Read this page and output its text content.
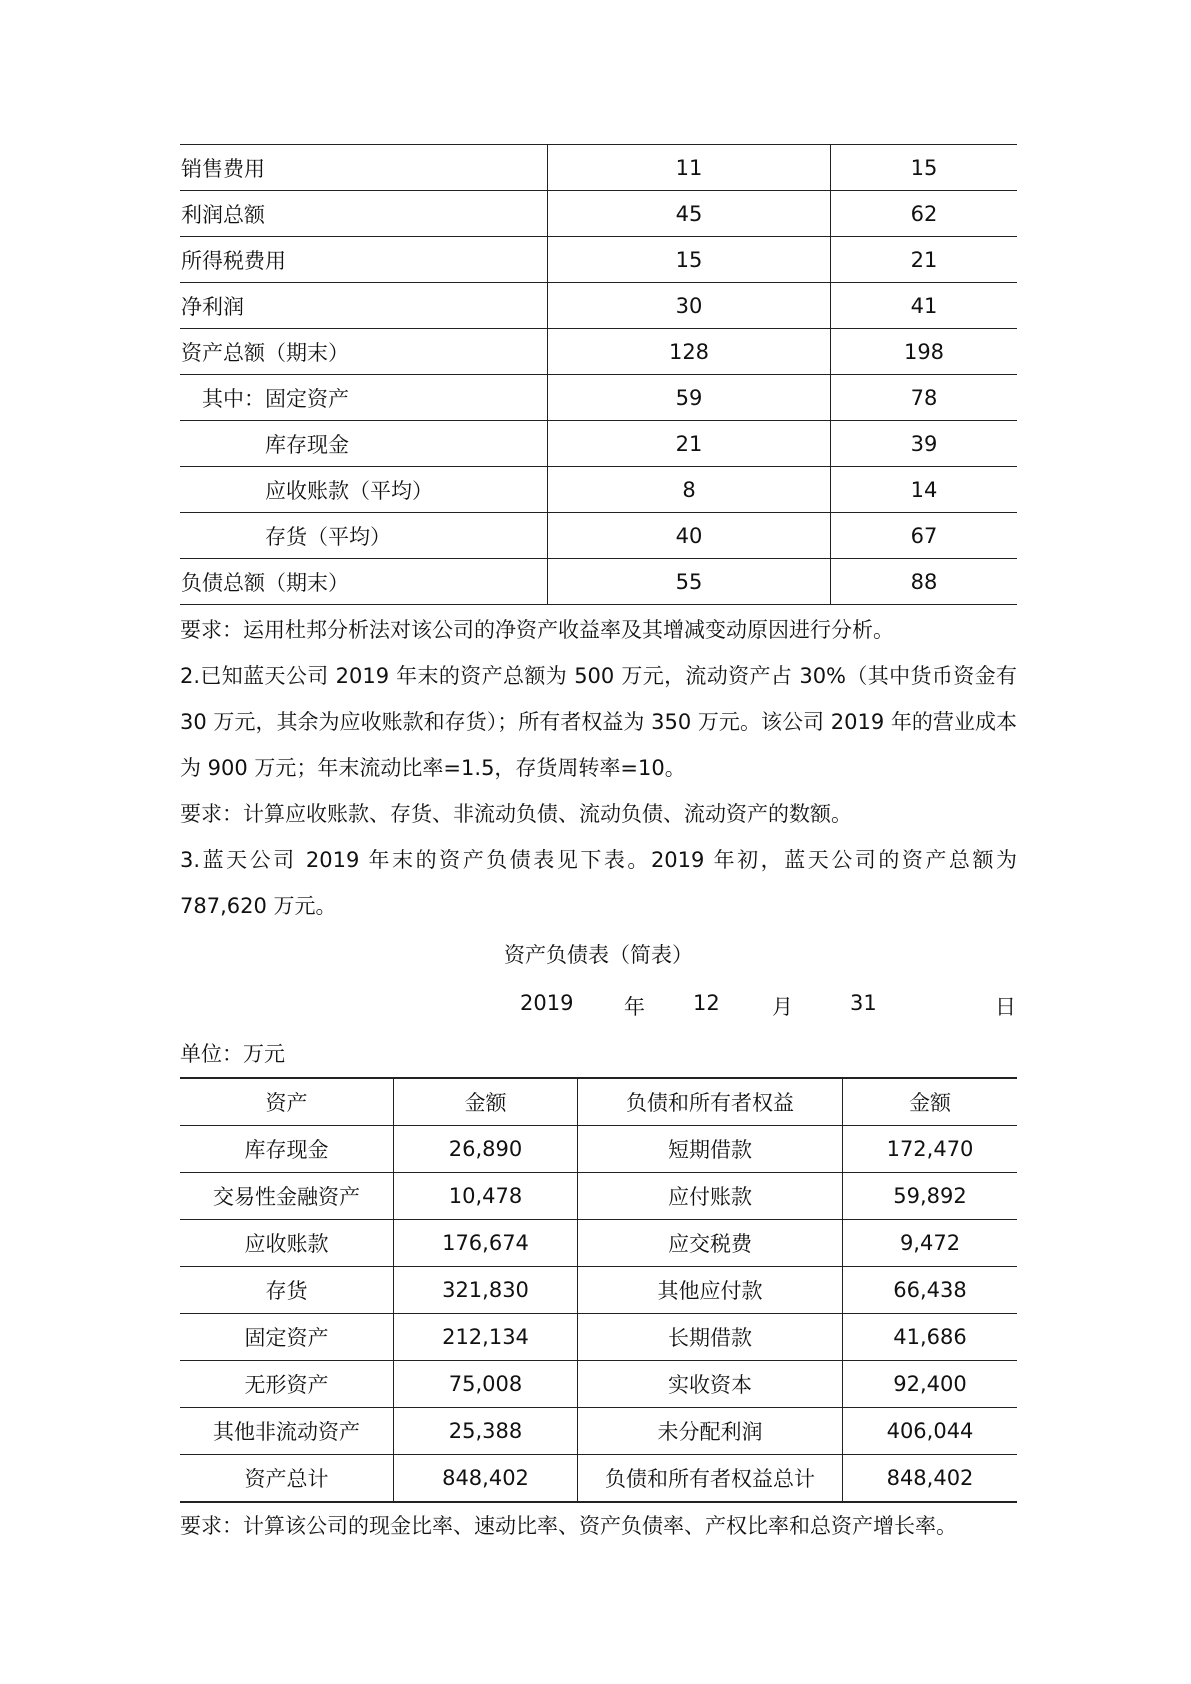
销售费用	11	15
利润总额	45	62
所得税费用	15	21
净利润	30	41
资产总额（期末）	128	198
其中：固定资产	59	78
库存现金	21	39
应收账款（平均）	8	14
存货（平均）	40	67
负债总额（期末）	55	88

要求：运用杜邦分析法对该公司的净资产收益率及其增减变动原因进行分析。

2.已知蓝天公司 2019 年末的资产总额为 500 万元，流动资产占 30%（其中货币资金有 30 万元，其余为应收账款和存货）；所有者权益为 350 万元。该公司 2019 年的营业成本为 900 万元；年末流动比率=1.5，存货周转率=10。

要求：计算应收账款、存货、非流动负债、流动负债、流动资产的数额。

3.蓝天公司 2019 年末的资产负债表见下表。2019 年初，蓝天公司的资产总额为 787,620 万元。

资产负债表（简表）

2019 年 12 月	31	日

单位：万元

资产	金额	负债和所有者权益	金额
库存现金	26,890	短期借款	172,470
交易性金融资产	10,478	应付账款	59,892
应收账款	176,674	应交税费	9,472
存货	321,830	其他应付款	66,438
固定资产	212,134	长期借款	41,686
无形资产	75,008	实收资本	92,400
其他非流动资产	25,388	未分配利润	406,044
资产总计	848,402	负债和所有者权益总计	848,402

要求：计算该公司的现金比率、速动比率、资产负债率、产权比率和总资产增长率。
